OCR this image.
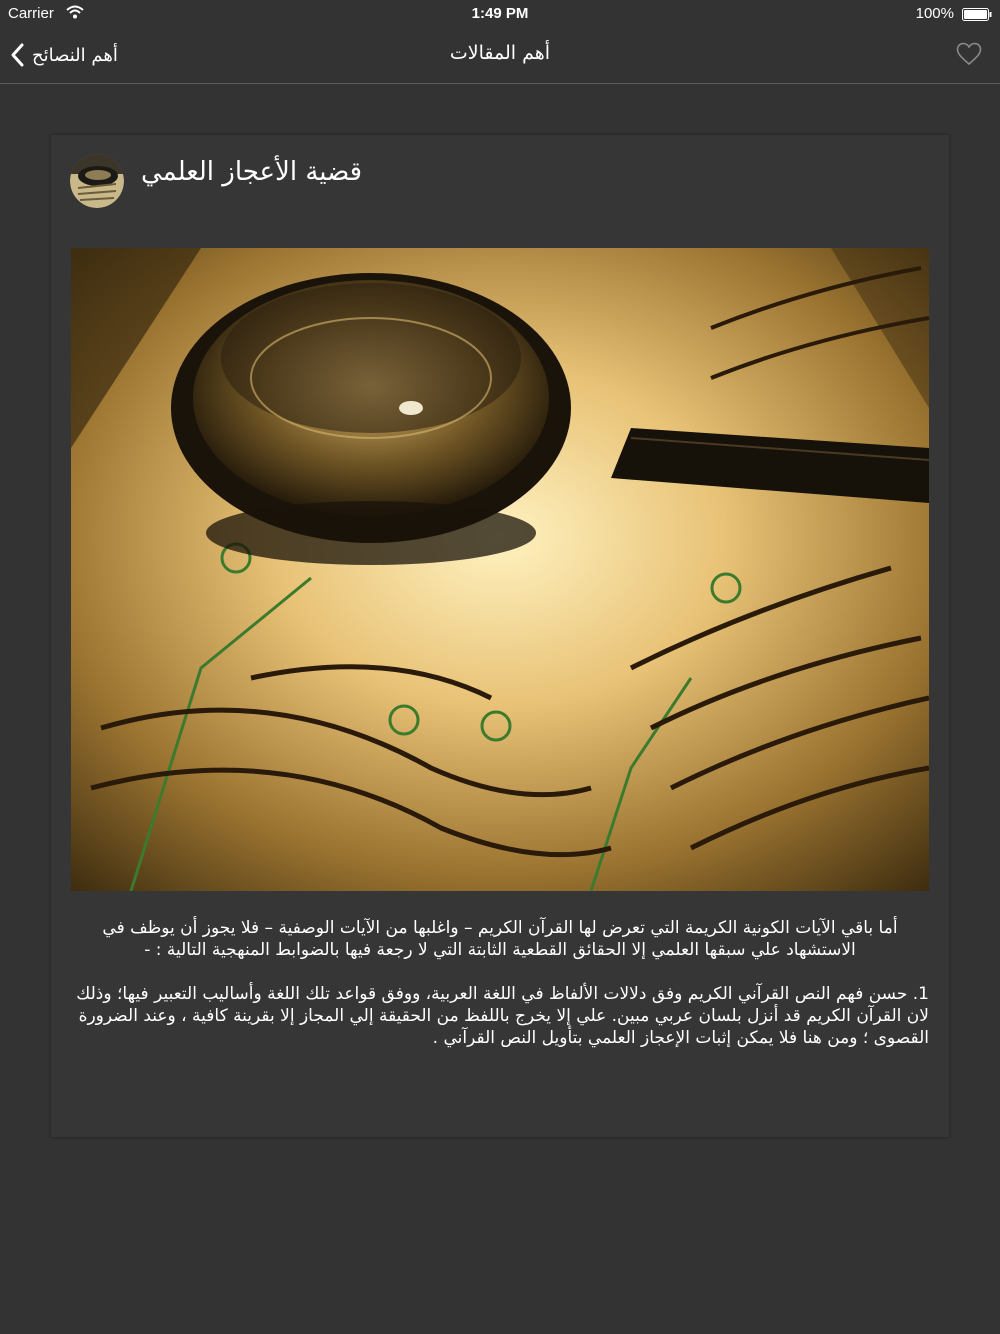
Carrier	1:49 PM	100%
أهم النصائح	أهم المقالات
قضية الأعجاز العلمي

أما باقي الآيات الكونية الكريمة التي تعرض لها القرآن الكريم – واغلبها من الآيات الوصفية – فلا يجوز أن يوظف في الاستشهاد علي سبقها العلمي إلا الحقائق القطعية الثابتة التي لا رجعة فيها بالضوابط المنهجية التالية : -

1. حسن فهم النص القرآني الكريم وفق دلالات الألفاظ في اللغة العربية، ووفق قواعد تلك اللغة وأساليب التعبير فيها؛ وذلك لان القرآن الكريم قد أنزل بلسان عربي مبين. علي إلا يخرج باللفظ من الحقيقة إلي المجاز إلا بقرينة كافية ، وعند الضرورة القصوى ؛ ومن هنا فلا يمكن إثبات الإعجاز العلمي بتأويل النص القرآني .
